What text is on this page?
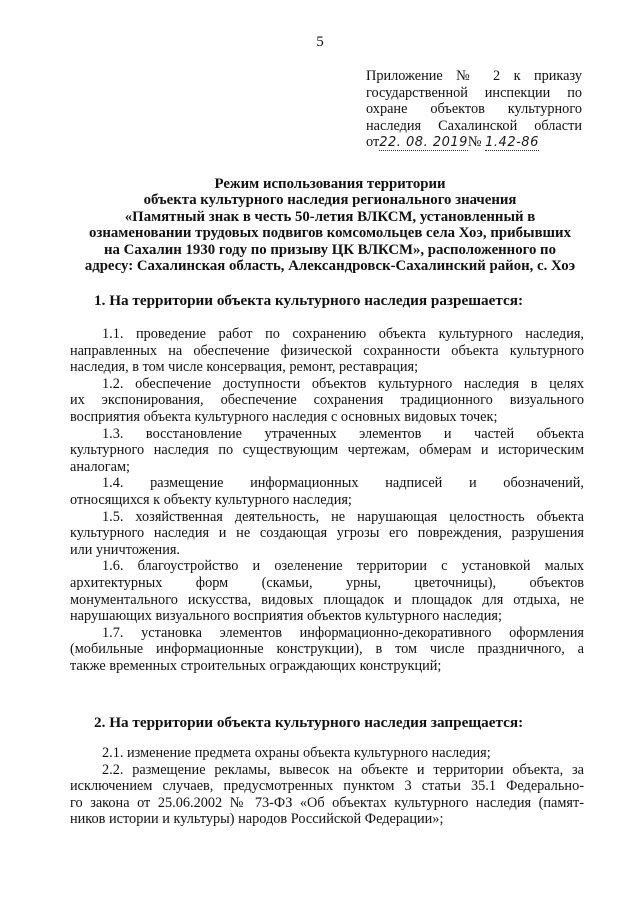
5
Приложение № 2 к приказу
государственной инспекции по
охране объектов культурного
наследия Сахалинской области
от22. 08. 2019№ 1.42-86
Режим использования территории
объекта культурного наследия регионального значения
«Памятный знак в честь 50-летия ВЛКСМ, установленный в
ознаменовании трудовых подвигов комсомольцев села Хоэ, прибывших
на Сахалин 1930 году по призыву ЦК ВЛКСМ», расположенного по
адресу: Сахалинская область, Александровск-Сахалинский район, с. Хоэ
1. На территории объекта культурного наследия разрешается:
1.1. проведение работ по сохранению объекта культурного наследия,
направленных на обеспечение физической сохранности объекта культурного
наследия, в том числе консервация, ремонт, реставрация;
1.2. обеспечение доступности объектов культурного наследия в целях
их экспонирования, обеспечение сохранения традиционного визуального
восприятия объекта культурного наследия с основных видовых точек;
1.3. восстановление утраченных элементов и частей объекта
культурного наследия по существующим чертежам, обмерам и историческим
аналогам;
1.4. размещение информационных надписей и обозначений,
относящихся к объекту культурного наследия;
1.5. хозяйственная деятельность, не нарушающая целостность объекта
культурного наследия и не создающая угрозы его повреждения, разрушения
или уничтожения.
1.6. благоустройство и озеленение территории с установкой малых
архитектурных форм (скамьи, урны, цветочницы), объектов
монументального искусства, видовых площадок и площадок для отдыха, не
нарушающих визуального восприятия объектов культурного наследия;
1.7. установка элементов информационно-декоративного оформления
(мобильные информационные конструкции), в том числе праздничного, а
также временных строительных ограждающих конструкций;
2. На территории объекта культурного наследия запрещается:
2.1. изменение предмета охраны объекта культурного наследия;
2.2. размещение рекламы, вывесок на объекте и территории объекта, за
исключением случаев, предусмотренных пунктом 3 статьи 35.1 Федерально-
го закона от 25.06.2002 № 73-ФЗ «Об объектах культурного наследия (памят-
ников истории и культуры) народов Российской Федерации»;
